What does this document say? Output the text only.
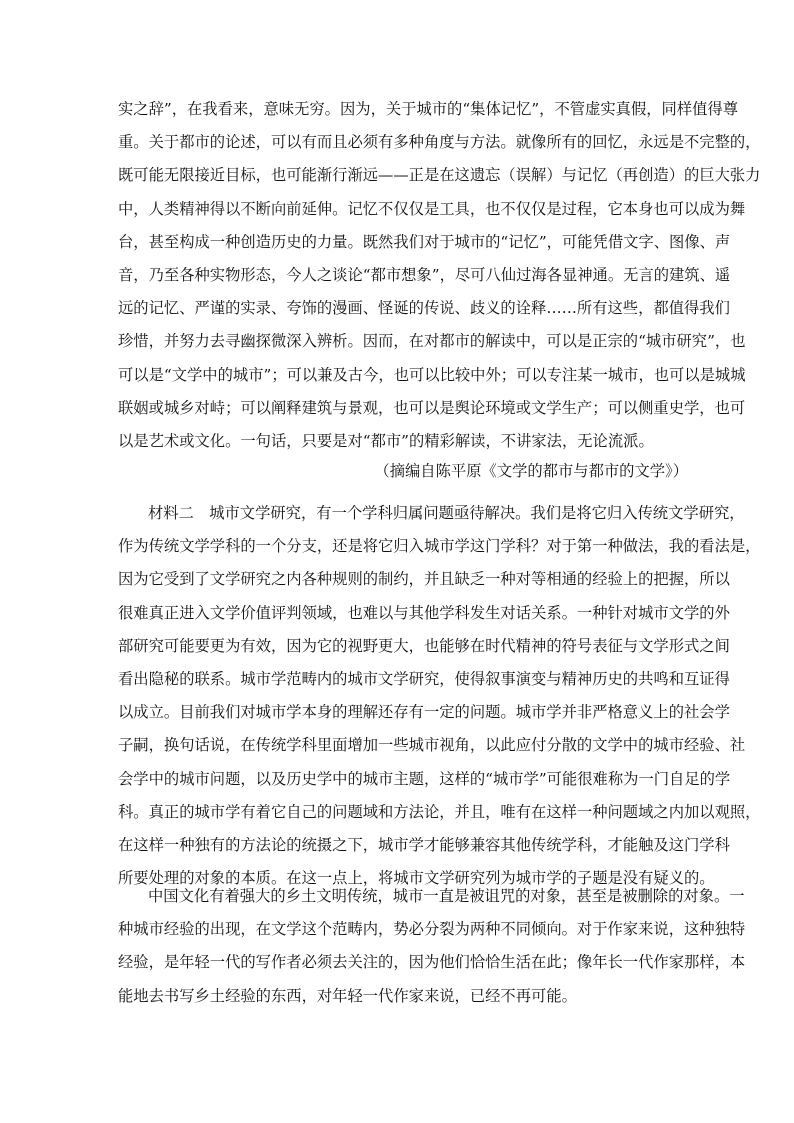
实之辞”，在我看来，意味无穷。因为，关于城市的“集体记忆”，不管虚实真假，同样值得尊
重。关于都市的论述，可以有而且必须有多种角度与方法。就像所有的回忆，永远是不完整的，
既可能无限接近目标，也可能渐行渐远——正是在这遗忘（误解）与记忆（再创造）的巨大张力
中，人类精神得以不断向前延伸。记忆不仅仅是工具，也不仅仅是过程，它本身也可以成为舞
台，甚至构成一种创造历史的力量。既然我们对于城市的“记忆”，可能凭借文字、图像、声
音，乃至各种实物形态，今人之谈论“都市想象”，尽可八仙过海各显神通。无言的建筑、遥
远的记忆、严谨的实录、夸饰的漫画、怪诞的传说、歧义的诠释……所有这些，都值得我们
珍惜，并努力去寻幽探微深入辨析。因而，在对都市的解读中，可以是正宗的“城市研究”，也
可以是“文学中的城市”；可以兼及古今，也可以比较中外；可以专注某一城市，也可以是城城
联姻或城乡对峙；可以阐释建筑与景观，也可以是舆论环境或文学生产；可以侧重史学，也可
以是艺术或文化。一句话，只要是对“都市”的精彩解读，不讲家法，无论流派。
（摘编自陈平原《文学的都市与都市的文学》）
材料二　城市文学研究，有一个学科归属问题亟待解决。我们是将它归入传统文学研究，
作为传统文学学科的一个分支，还是将它归入城市学这门学科？对于第一种做法，我的看法是，
因为它受到了文学研究之内各种规则的制约，并且缺乏一种对等相通的经验上的把握，所以
很难真正进入文学价值评判领域，也难以与其他学科发生对话关系。一种针对城市文学的外
部研究可能要更为有效，因为它的视野更大，也能够在时代精神的符号表征与文学形式之间
看出隐秘的联系。城市学范畴内的城市文学研究，使得叙事演变与精神历史的共鸣和互证得
以成立。目前我们对城市学本身的理解还存有一定的问题。城市学并非严格意义上的社会学
子嗣，换句话说，在传统学科里面增加一些城市视角，以此应付分散的文学中的城市经验、社
会学中的城市问题，以及历史学中的城市主题，这样的“城市学”可能很难称为一门自足的学
科。真正的城市学有着它自己的问题域和方法论，并且，唯有在这样一种问题域之内加以观照，
在这样一种独有的方法论的统摄之下，城市学才能够兼容其他传统学科，才能触及这门学科
所要处理的对象的本质。在这一点上，将城市文学研究列为城市学的子题是没有疑义的。
中国文化有着强大的乡土文明传统，城市一直是被诅咒的对象，甚至是被删除的对象。一
种城市经验的出现，在文学这个范畴内，势必分裂为两种不同倾向。对于作家来说，这种独特
经验，是年轻一代的写作者必须去关注的，因为他们恰恰生活在此；像年长一代作家那样，本
能地去书写乡土经验的东西，对年轻一代作家来说，已经不再可能。
